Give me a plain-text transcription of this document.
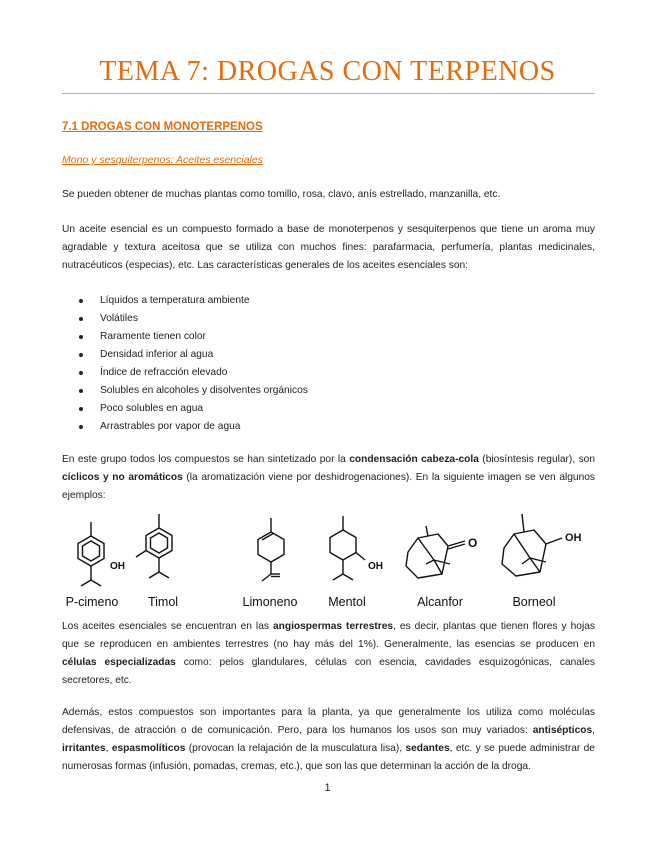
TEMA 7: DROGAS CON TERPENOS
7.1 DROGAS CON MONOTERPENOS
Mono y sesquiterpenos: Aceites esenciales

Se pueden obtener de muchas plantas como tomillo, rosa, clavo, anís estrellado, manzanilla, etc.

Un aceite esencial es un compuesto formado a base de monoterpenos y sesquiterpenos que tiene un aroma muy agradable y textura aceitosa que se utiliza con muchos fines: parafarmacia, perfumería, plantas medicinales, nutracéuticos (especias), etc. Las características generales de los aceites esenciales son:

Líquidos a temperatura ambiente
Volátiles
Raramente tienen color
Densidad inferior al agua
Índice de refracción elevado
Solubles en alcoholes y disolventes orgánicos
Poco solubles en agua
Arrastrables por vapor de agua

En este grupo todos los compuestos se han sintetizado por la condensación cabeza-cola (biosíntesis regular), son cíclicos y no aromáticos (la aromatización viene por deshidrogenaciones). En la siguiente imagen se ven algunos ejemplos:

OH	OH
O	OH
P-cimeno Timol	Limoneno Mentol	Alcanfor	Borneol

Los aceites esenciales se encuentran en las angiospermas terrestres, es decir, plantas que tienen flores y hojas que se reproducen en ambientes terrestres (no hay más del 1%). Generalmente, las esencias se producen en células especializadas como: pelos glandulares, células con esencia, cavidades esquizogónicas, canales secretores, etc.

Además, estos compuestos son importantes para la planta, ya que generalmente los utiliza como moléculas defensivas, de atracción o de comunicación. Pero, para los humanos los usos son muy variados: antisépticos, irritantes, espasmolíticos (provocan la relajación de la musculatura lisa), sedantes, etc. y se puede administrar de numerosas formas (infusión, pomadas, cremas, etc.), que son las que determinan la acción de la droga.

1
